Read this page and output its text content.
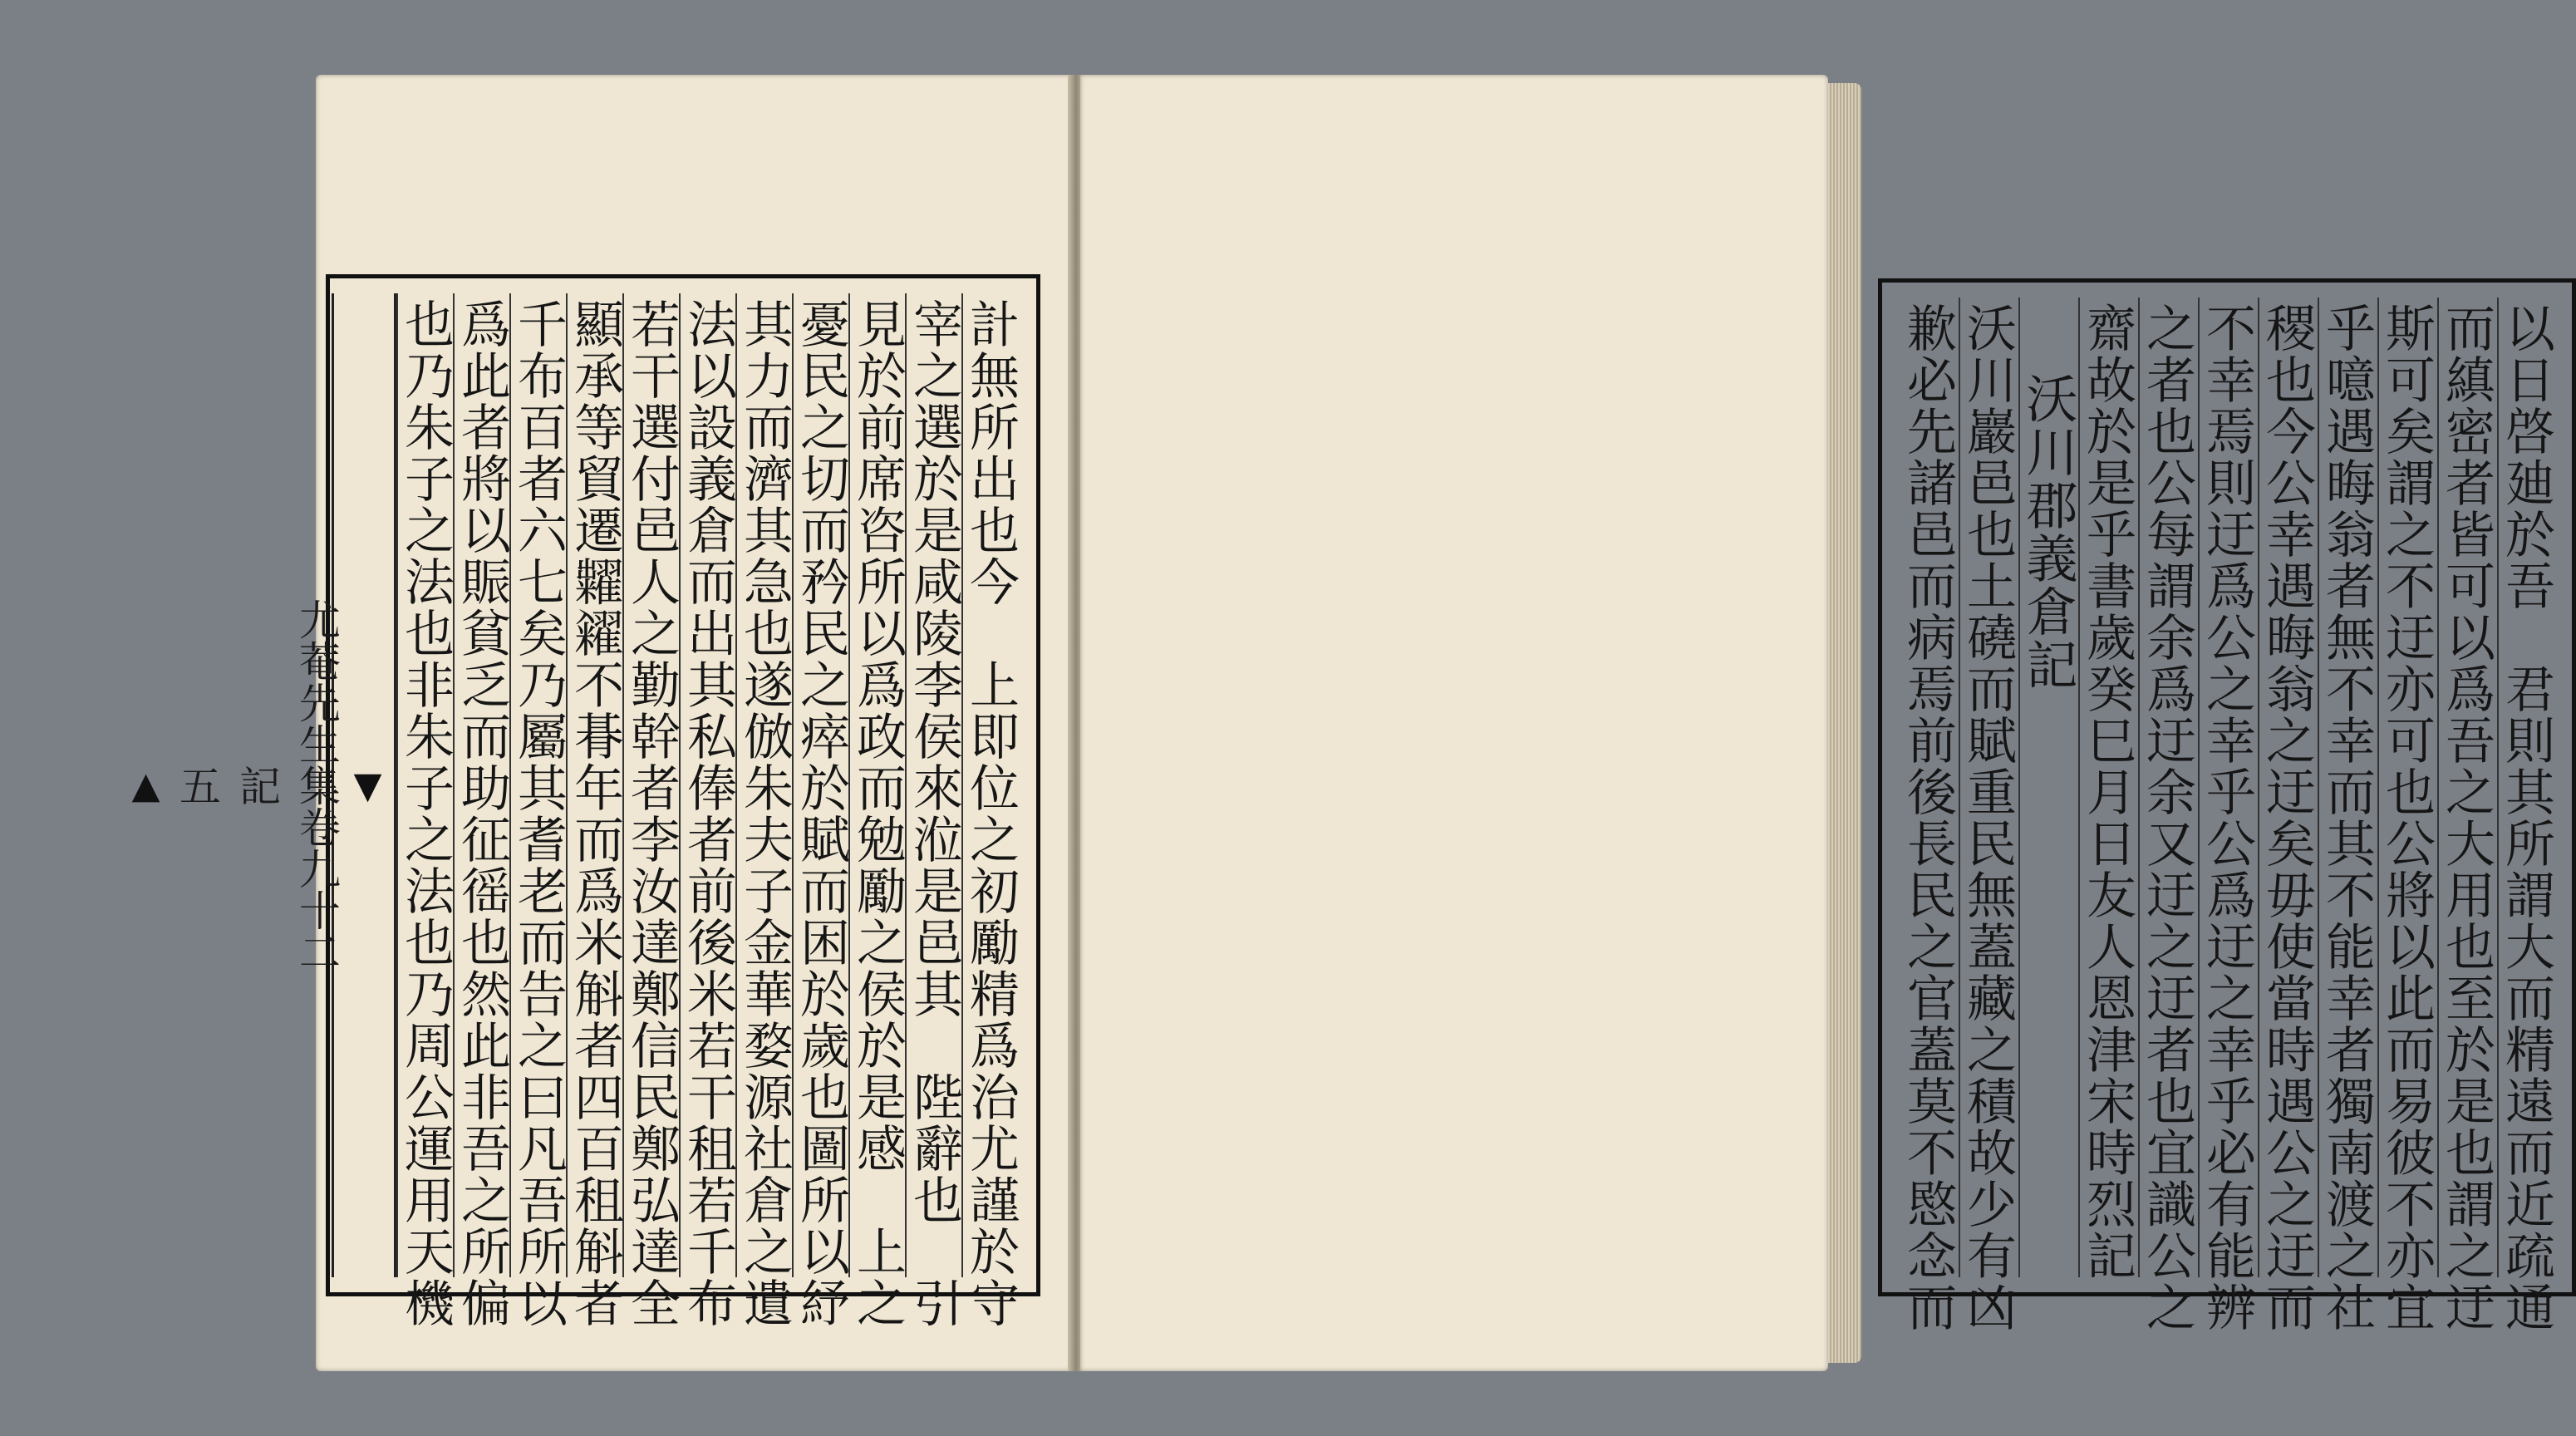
計無所出也今　上即位之初勵精爲治尤謹於守
宰之選於是咸陵李侯來涖是邑其　陛辭也　引
見於前席咨所以爲政而勉勵之侯於是感　上之
憂民之切而矜民之瘁於賦而困於歲也圖所以紓
其力而濟其急也遂倣朱夫子金華婺源社倉之遺
法以設義倉而出其私俸者前後米若干租若千布
若干選付邑人之勤幹者李汝達鄭信民鄭弘達全
顯承等貿遷糶糴不朞年而爲米斛者四百租斛者
千布百者六七矣乃屬其耆老而告之曰凡吾所以
爲此者將以賑貧乏而助征徭也然此非吾之所偏
也乃朱子之法也非朱子之法也乃周公運用天機
▼
尤菴先生集卷九十二
記
五
▲	以日啓廸於吾　君則其所謂大而精遠而近疏通
而縝密者皆可以爲吾之大用也至於是也謂之迂
斯可矣謂之不迂亦可也公將以此而易彼不亦宜
乎噫遇晦翁者無不幸而其不能幸者獨南渡之社
稷也今公幸遇晦翁之迂矣毋使當時遇公之迂而
不幸焉則迂爲公之幸乎公爲迂之幸乎必有能辨
之者也公每謂余爲迂余又迂之迂者也宜識公之
齋故於是乎書歲癸巳月日友人恩津宋時烈記
沃川郡義倉記
沃川巖邑也土磽而賦重民無蓋藏之積故少有凶
歉必先諸邑而病焉前後長民之官蓋莫不愍念而
